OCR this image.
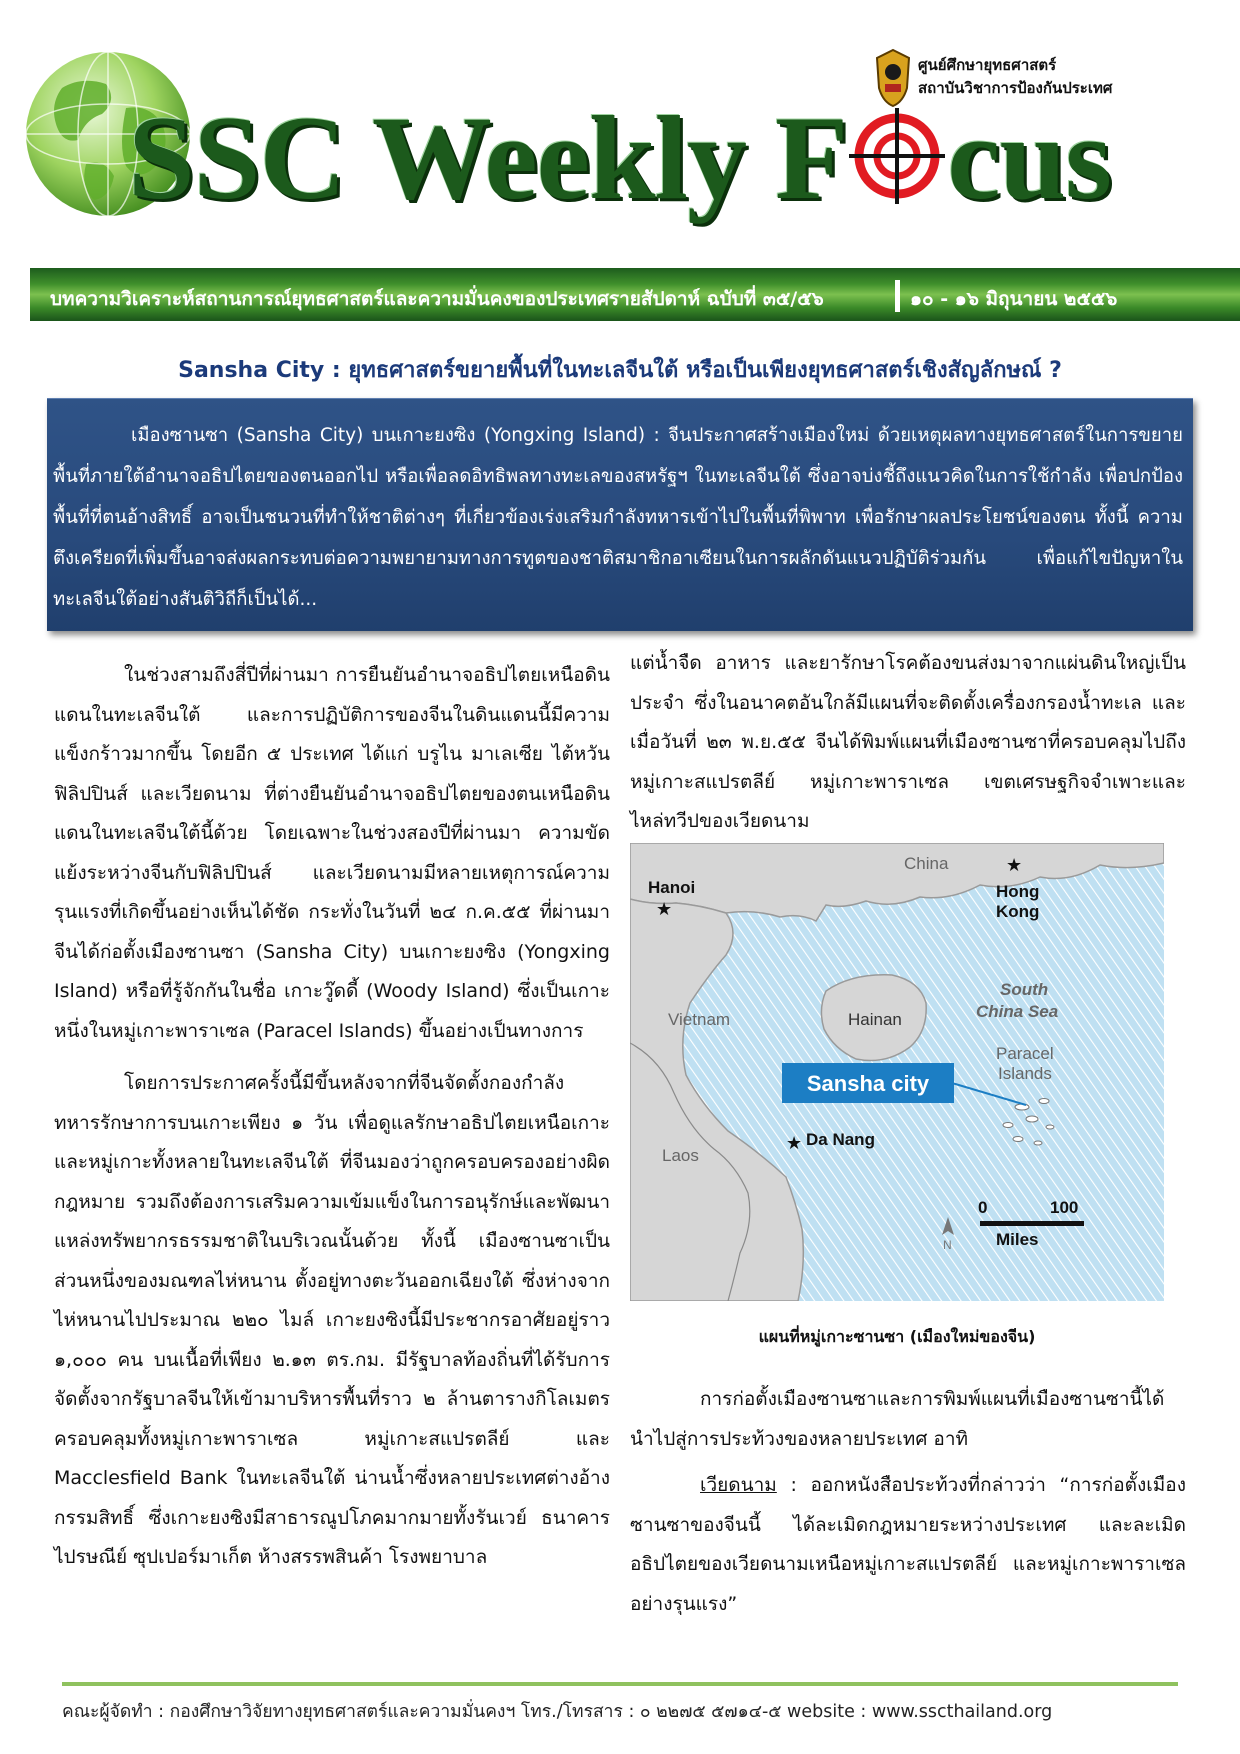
SSC Weekly F cus
ศูนย์ศึกษายุทธศาสตร์
สถาบันวิชาการป้องกันประเทศ
บทความวิเคราะห์สถานการณ์ยุทธศาสตร์และความมั่นคงของประเทศรายสัปดาห์ ฉบับที่ ๓๕/๕๖	๑๐ - ๑๖ มิถุนายน ๒๕๕๖
Sansha City : ยุทธศาสตร์ขยายพื้นที่ในทะเลจีนใต้ หรือเป็นเพียงยุทธศาสตร์เชิงสัญลักษณ์ ?

เมืองซานซา (Sansha City) บนเกาะยงซิง (Yongxing Island) : จีนประกาศสร้างเมืองใหม่ ด้วยเหตุผลทางยุทธศาสตร์ในการขยายพื้นที่ภายใต้อำนาจอธิปไตยของตนออกไป หรือเพื่อลดอิทธิพลทางทะเลของสหรัฐฯ ในทะเลจีนใต้ ซึ่งอาจบ่งชี้ถึงแนวคิดในการใช้กำลัง เพื่อปกป้องพื้นที่ที่ตนอ้างสิทธิ์ อาจเป็นชนวนที่ทำให้ชาติต่างๆ ที่เกี่ยวข้องเร่งเสริมกำลังทหารเข้าไปในพื้นที่พิพาท เพื่อรักษาผลประโยชน์ของตน ทั้งนี้ ความตึงเครียดที่เพิ่มขึ้นอาจส่งผลกระทบต่อความพยายามทางการทูตของชาติสมาชิกอาเซียนในการผลักดันแนวปฏิบัติร่วมกัน เพื่อแก้ไขปัญหาในทะเลจีนใต้อย่างสันติวิถีก็เป็นได้...

ในช่วงสามถึงสี่ปีที่ผ่านมา การยืนยันอำนาจอธิปไตยเหนือดินแดนในทะเลจีนใต้ และการปฏิบัติการของจีนในดินแดนนี้มีความแข็งกร้าวมากขึ้น โดยอีก ๕ ประเทศ ได้แก่ บรูไน มาเลเซีย ไต้หวัน ฟิลิปปินส์ และเวียดนาม ที่ต่างยืนยันอำนาจอธิปไตยของตนเหนือดินแดนในทะเลจีนใต้นี้ด้วย โดยเฉพาะในช่วงสองปีที่ผ่านมา ความขัดแย้งระหว่างจีนกับฟิลิปปินส์ และเวียดนามมีหลายเหตุการณ์ความรุนแรงที่เกิดขึ้นอย่างเห็นได้ชัด กระทั่งในวันที่ ๒๔ ก.ค.๕๕ ที่ผ่านมา จีนได้ก่อตั้งเมืองซานซา (Sansha City) บนเกาะยงซิง (Yongxing Island) หรือที่รู้จักกันในชื่อ เกาะวู๊ดดี้ (Woody Island) ซึ่งเป็นเกาะหนึ่งในหมู่เกาะพาราเซล (Paracel Islands) ขึ้นอย่างเป็นทางการ

โดยการประกาศครั้งนี้มีขึ้นหลังจากที่จีนจัดตั้งกองกำลังทหารรักษาการบนเกาะเพียง ๑ วัน เพื่อดูแลรักษาอธิปไตยเหนือเกาะ และหมู่เกาะทั้งหลายในทะเลจีนใต้ ที่จีนมองว่าถูกครอบครองอย่างผิดกฎหมาย รวมถึงต้องการเสริมความเข้มแข็งในการอนุรักษ์และพัฒนาแหล่งทรัพยากรธรรมชาติในบริเวณนั้นด้วย ทั้งนี้ เมืองซานซาเป็นส่วนหนึ่งของมณฑลไห่หนาน ตั้งอยู่ทางตะวันออกเฉียงใต้ ซึ่งห่างจากไห่หนานไปประมาณ ๒๒๐ ไมล์ เกาะยงซิงนี้มีประชากรอาศัยอยู่ราว ๑,๐๐๐ คน บนเนื้อที่เพียง ๒.๑๓ ตร.กม. มีรัฐบาลท้องถิ่นที่ได้รับการจัดตั้งจากรัฐบาลจีนให้เข้ามาบริหารพื้นที่ราว ๒ ล้านตารางกิโลเมตร ครอบคลุมทั้งหมู่เกาะพาราเซล หมู่เกาะสแปรตลีย์ และ Macclesfield Bank ในทะเลจีนใต้ น่านน้ำซึ่งหลายประเทศต่างอ้างกรรมสิทธิ์ ซึ่งเกาะยงซิงมีสาธารณูปโภคมากมายทั้งรันเวย์ ธนาคาร ไปรษณีย์ ซุปเปอร์มาเก็ต ห้างสรรพสินค้า โรงพยาบาล

แต่น้ำจืด อาหาร และยารักษาโรคต้องขนส่งมาจากแผ่นดินใหญ่เป็นประจำ ซึ่งในอนาคตอันใกล้มีแผนที่จะติดตั้งเครื่องกรองน้ำทะเล และเมื่อวันที่ ๒๓ พ.ย.๕๕ จีนได้พิมพ์แผนที่เมืองซานซาที่ครอบคลุมไปถึงหมู่เกาะสแปรตลีย์ หมู่เกาะพาราเซล เขตเศรษฐกิจจำเพาะและไหล่ทวีปของเวียดนาม

Sansha city
★
Hanoi
★
Hong
Kong
China
Hainan
South
China Sea
Vietnam
Paracel
Islands
Laos
★ Da Nang
0	100
Miles
N
แผนที่หมู่เกาะซานซา (เมืองใหม่ของจีน)

การก่อตั้งเมืองซานซาและการพิมพ์แผนที่เมืองซานซานี้ได้นำไปสู่การประท้วงของหลายประเทศ อาทิ

เวียดนาม : ออกหนังสือประท้วงที่กล่าวว่า “การก่อตั้งเมืองซานซาของจีนนี้ ได้ละเมิดกฎหมายระหว่างประเทศ และละเมิดอธิปไตยของเวียดนามเหนือหมู่เกาะสแปรตลีย์ และหมู่เกาะพาราเซลอย่างรุนแรง”

คณะผู้จัดทำ : กองศึกษาวิจัยทางยุทธศาสตร์และความมั่นคงฯ โทร./โทรสาร : ๐ ๒๒๗๕ ๕๗๑๔-๕ website : www.sscthailand.org
